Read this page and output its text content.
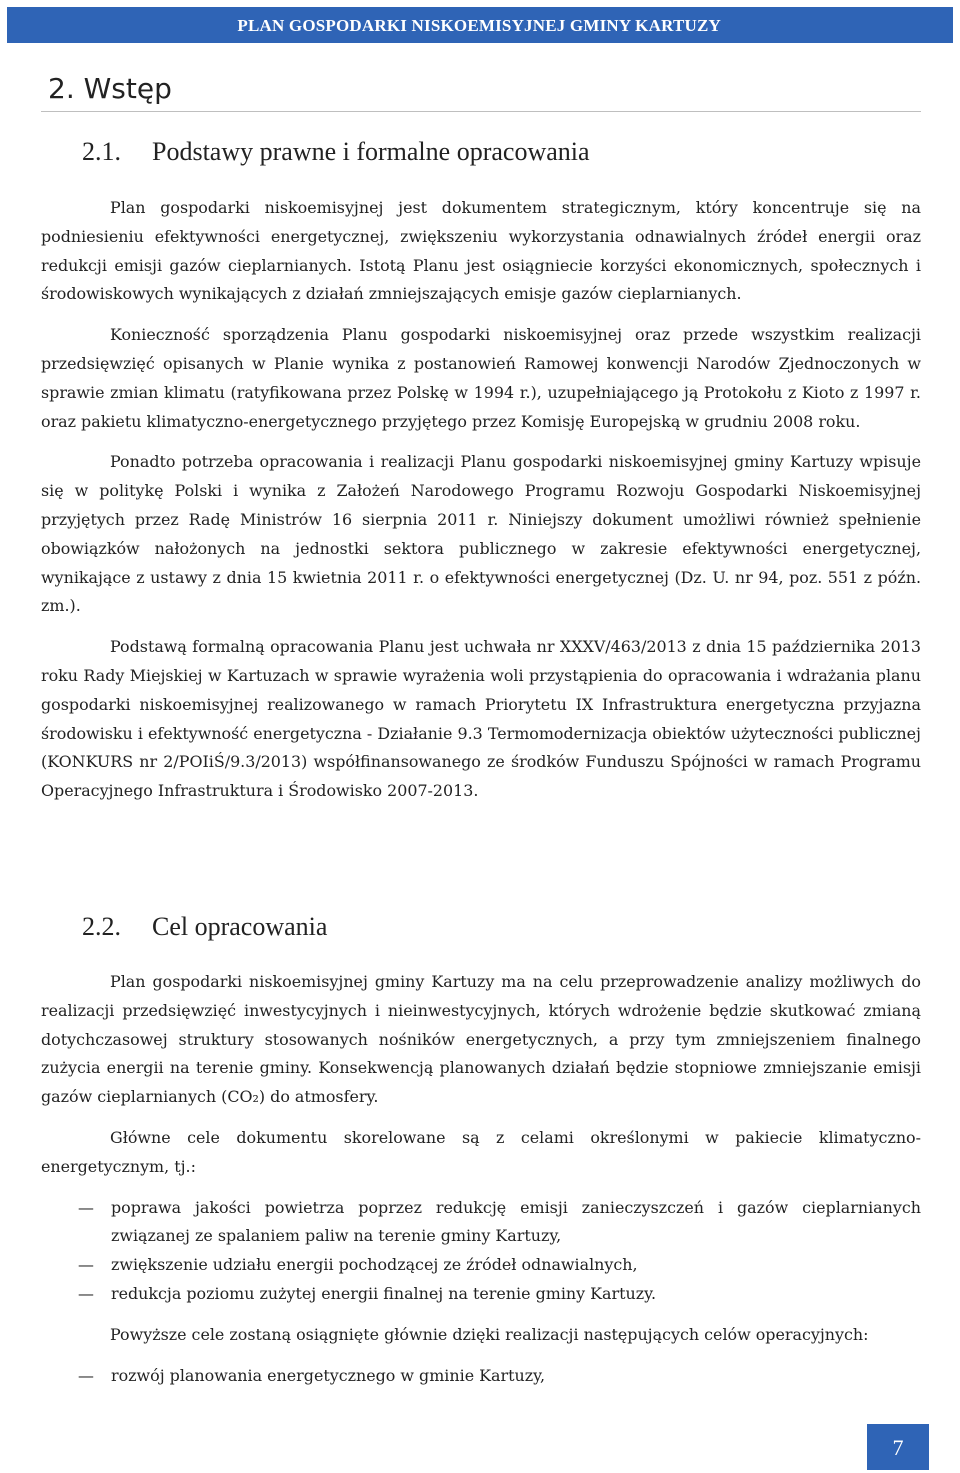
PLAN GOSPODARKI NISKOEMISYJNEJ GMINY KARTUZY
2. Wstęp
2.1. Podstawy prawne i formalne opracowania

Plan gospodarki niskoemisyjnej jest dokumentem strategicznym, który koncentruje się na podniesieniu efektywności energetycznej, zwiększeniu wykorzystania odnawialnych źródeł energii oraz redukcji emisji gazów cieplarnianych. Istotą Planu jest osiągniecie korzyści ekonomicznych, społecznych i środowiskowych wynikających z działań zmniejszających emisje gazów cieplarnianych.

Konieczność sporządzenia Planu gospodarki niskoemisyjnej oraz przede wszystkim realizacji przedsięwzięć opisanych w Planie wynika z postanowień Ramowej konwencji Narodów Zjednoczonych w sprawie zmian klimatu (ratyfikowana przez Polskę w 1994 r.), uzupełniającego ją Protokołu z Kioto z 1997 r. oraz pakietu klimatyczno-energetycznego przyjętego przez Komisję Europejską w grudniu 2008 roku.

Ponadto potrzeba opracowania i realizacji Planu gospodarki niskoemisyjnej gminy Kartuzy wpisuje się w politykę Polski i wynika z Założeń Narodowego Programu Rozwoju Gospodarki Niskoemisyjnej przyjętych przez Radę Ministrów 16 sierpnia 2011 r. Niniejszy dokument umożliwi również spełnienie obowiązków nałożonych na jednostki sektora publicznego w zakresie efektywności energetycznej, wynikające z ustawy z dnia 15 kwietnia 2011 r. o efektywności energetycznej (Dz. U. nr 94, poz. 551 z późn. zm.).

Podstawą formalną opracowania Planu jest uchwała nr XXXV/463/2013 z dnia 15 października 2013 roku Rady Miejskiej w Kartuzach w sprawie wyrażenia woli przystąpienia do opracowania i wdrażania planu gospodarki niskoemisyjnej realizowanego w ramach Priorytetu IX Infrastruktura energetyczna przyjazna środowisku i efektywność energetyczna - Działanie 9.3 Termomodernizacja obiektów użyteczności publicznej (KONKURS nr 2/POIiŚ/9.3/2013) współfinansowanego ze środków Funduszu Spójności w ramach Programu Operacyjnego Infrastruktura i Środowisko 2007-2013.

2.2. Cel opracowania

Plan gospodarki niskoemisyjnej gminy Kartuzy ma na celu przeprowadzenie analizy możliwych do realizacji przedsięwzięć inwestycyjnych i nieinwestycyjnych, których wdrożenie będzie skutkować zmianą dotychczasowej struktury stosowanych nośników energetycznych, a przy tym zmniejszeniem finalnego zużycia energii na terenie gminy. Konsekwencją planowanych działań będzie stopniowe zmniejszanie emisji gazów cieplarnianych (CO₂) do atmosfery.

Główne cele dokumentu skorelowane są z celami określonymi w pakiecie klimatyczno-energetycznym, tj.:

— poprawa jakości powietrza poprzez redukcję emisji zanieczyszczeń i gazów cieplarnianych związanej ze spalaniem paliw na terenie gminy Kartuzy,
— zwiększenie udziału energii pochodzącej ze źródeł odnawialnych,
— redukcja poziomu zużytej energii finalnej na terenie gminy Kartuzy.

Powyższe cele zostaną osiągnięte głównie dzięki realizacji następujących celów operacyjnych:

— rozwój planowania energetycznego w gminie Kartuzy,
7
